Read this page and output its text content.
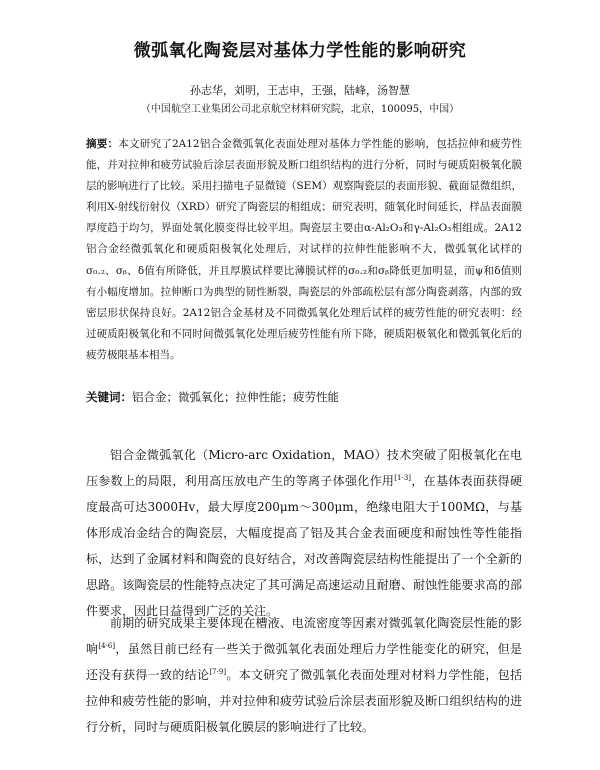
微弧氧化陶瓷层对基体力学性能的影响研究

孙志华，刘明，王志申，王强，陆峰，汤智慧

（中国航空工业集团公司北京航空材料研究院，北京，100095，中国）

摘要：本文研究了2A12铝合金微弧氧化表面处理对基体力学性能的影响，包括拉伸和疲劳性能，并对拉伸和疲劳试验后涂层表面形貌及断口组织结构的进行分析，同时与硬质阳极氧化膜层的影响进行了比较。采用扫描电子显微镜（SEM）观察陶瓷层的表面形貌、截面显微组织，利用X-射线衍射仪（XRD）研究了陶瓷层的相组成；研究表明，随氧化时间延长，样品表面膜厚度趋于均匀，界面处氧化膜变得比较平坦。陶瓷层主要由α-Al₂O₃和γ-Al₂O₃相组成。2A12铝合金经微弧氧化和硬质阳极氧化处理后，对试样的拉伸性能影响不大，微弧氧化试样的σ₀.₂、σᵦ、δ值有所降低，并且厚膜试样要比薄膜试样的σ₀.₂和σᵦ降低更加明显，而ψ和δ值则有小幅度增加。拉伸断口为典型的韧性断裂，陶瓷层的外部疏松层有部分陶瓷剥落，内部的致密层形状保持良好。2A12铝合金基材及不同微弧氧化处理后试样的疲劳性能的研究表明：经过硬质阳极氧化和不同时间微弧氧化处理后疲劳性能有所下降，硬质阳极氧化和微弧氧化后的疲劳极限基本相当。

关键词：铝合金；微弧氧化；拉伸性能；疲劳性能

铝合金微弧氧化（Micro-arc Oxidation，MAO）技术突破了阳极氧化在电压参数上的局限，利用高压放电产生的等离子体强化作用[1-3]，在基体表面获得硬度最高可达3000Hv，最大厚度200μm～300μm，绝缘电阻大于100MΩ，与基体形成冶金结合的陶瓷层，大幅度提高了铝及其合金表面硬度和耐蚀性等性能指标，达到了金属材料和陶瓷的良好结合，对改善陶瓷层结构性能提出了一个全新的思路。该陶瓷层的性能特点决定了其可满足高速运动且耐磨、耐蚀性能要求高的部件要求，因此日益得到广泛的关注。

前期的研究成果主要体现在槽液、电流密度等因素对微弧氧化陶瓷层性能的影响[4-6]，虽然目前已经有一些关于微弧氧化表面处理后力学性能变化的研究，但是还没有获得一致的结论[7-9]。本文研究了微弧氧化表面处理对材料力学性能，包括拉伸和疲劳性能的影响，并对拉伸和疲劳试验后涂层表面形貌及断口组织结构的进行分析，同时与硬质阳极氧化膜层的影响进行了比较。
